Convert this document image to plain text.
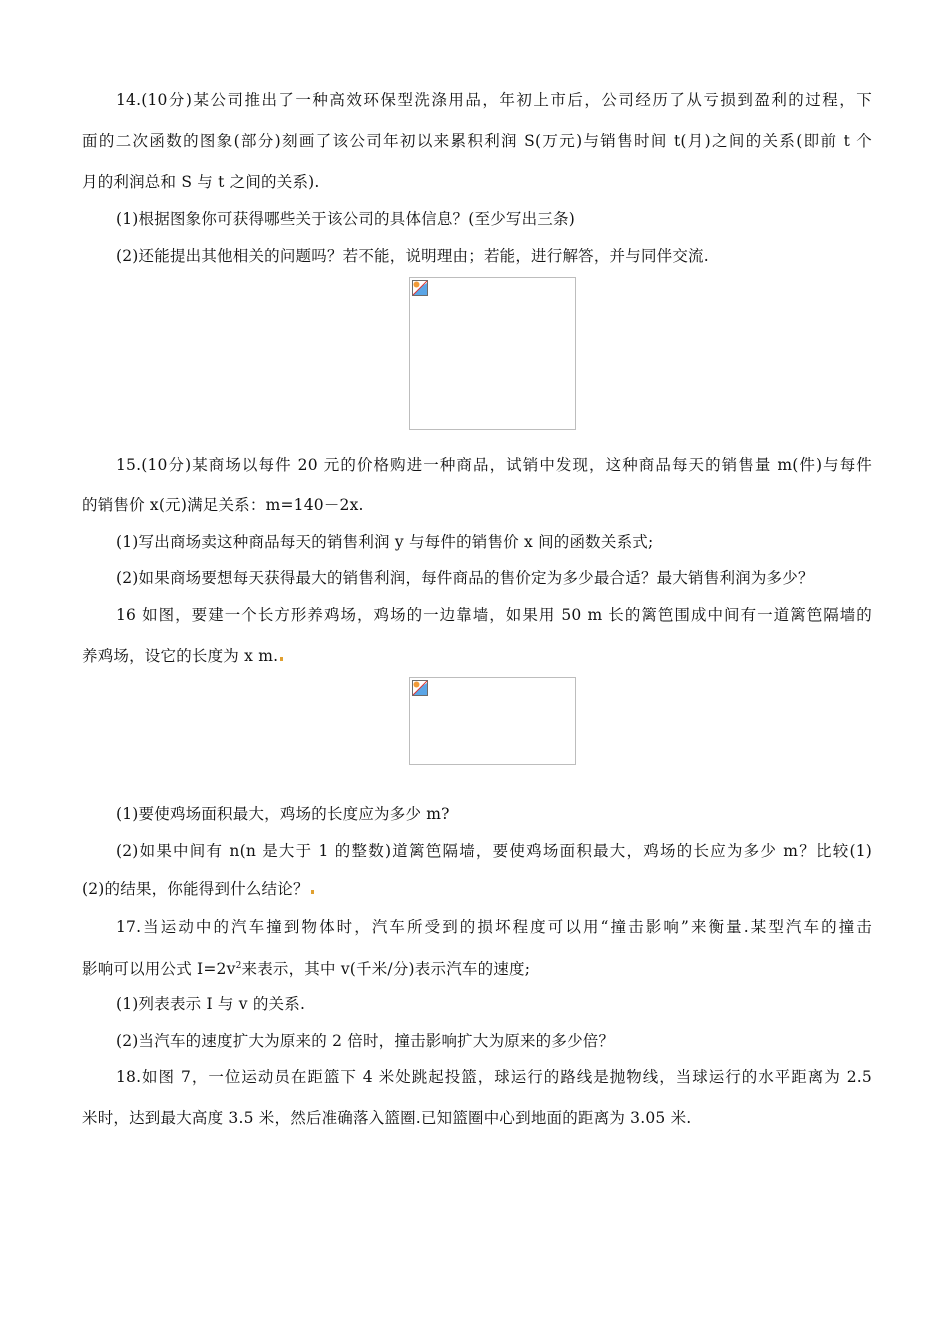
14.(10分)某公司推出了一种高效环保型洗涤用品，年初上市后，公司经历了从亏损到盈利的过程，下
面的二次函数的图象(部分)刻画了该公司年初以来累积利润 S(万元)与销售时间 t(月)之间的关系(即前 t 个
月的利润总和 S 与 t 之间的关系).
(1)根据图象你可获得哪些关于该公司的具体信息？(至少写出三条)
(2)还能提出其他相关的问题吗？若不能，说明理由；若能，进行解答，并与同伴交流.
15.(10分)某商场以每件 20 元的价格购进一种商品，试销中发现，这种商品每天的销售量 m(件)与每件
的销售价 x(元)满足关系：m=140－2x.
(1)写出商场卖这种商品每天的销售利润 y 与每件的销售价 x 间的函数关系式;
(2)如果商场要想每天获得最大的销售利润，每件商品的售价定为多少最合适？最大销售利润为多少？
16 如图，要建一个长方形养鸡场，鸡场的一边靠墙，如果用 50 m 长的篱笆围成中间有一道篱笆隔墙的
养鸡场，设它的长度为 x m.
(1)要使鸡场面积最大，鸡场的长度应为多少 m?
(2)如果中间有 n(n 是大于 1 的整数)道篱笆隔墙，要使鸡场面积最大，鸡场的长应为多少 m？比较(1)
(2)的结果，你能得到什么结论？
17.当运动中的汽车撞到物体时，汽车所受到的损坏程度可以用“撞击影响”来衡量.某型汽车的撞击
影响可以用公式 $I=2v^2$来表示，其中 v(千米/分)表示汽车的速度;
(1)列表表示 I 与 v 的关系.
(2)当汽车的速度扩大为原来的 2 倍时，撞击影响扩大为原来的多少倍？
18.如图 7，一位运动员在距篮下 4 米处跳起投篮，球运行的路线是抛物线，当球运行的水平距离为 2.5
米时，达到最大高度 3.5 米，然后准确落入篮圈.已知篮圈中心到地面的距离为 3.05 米.
